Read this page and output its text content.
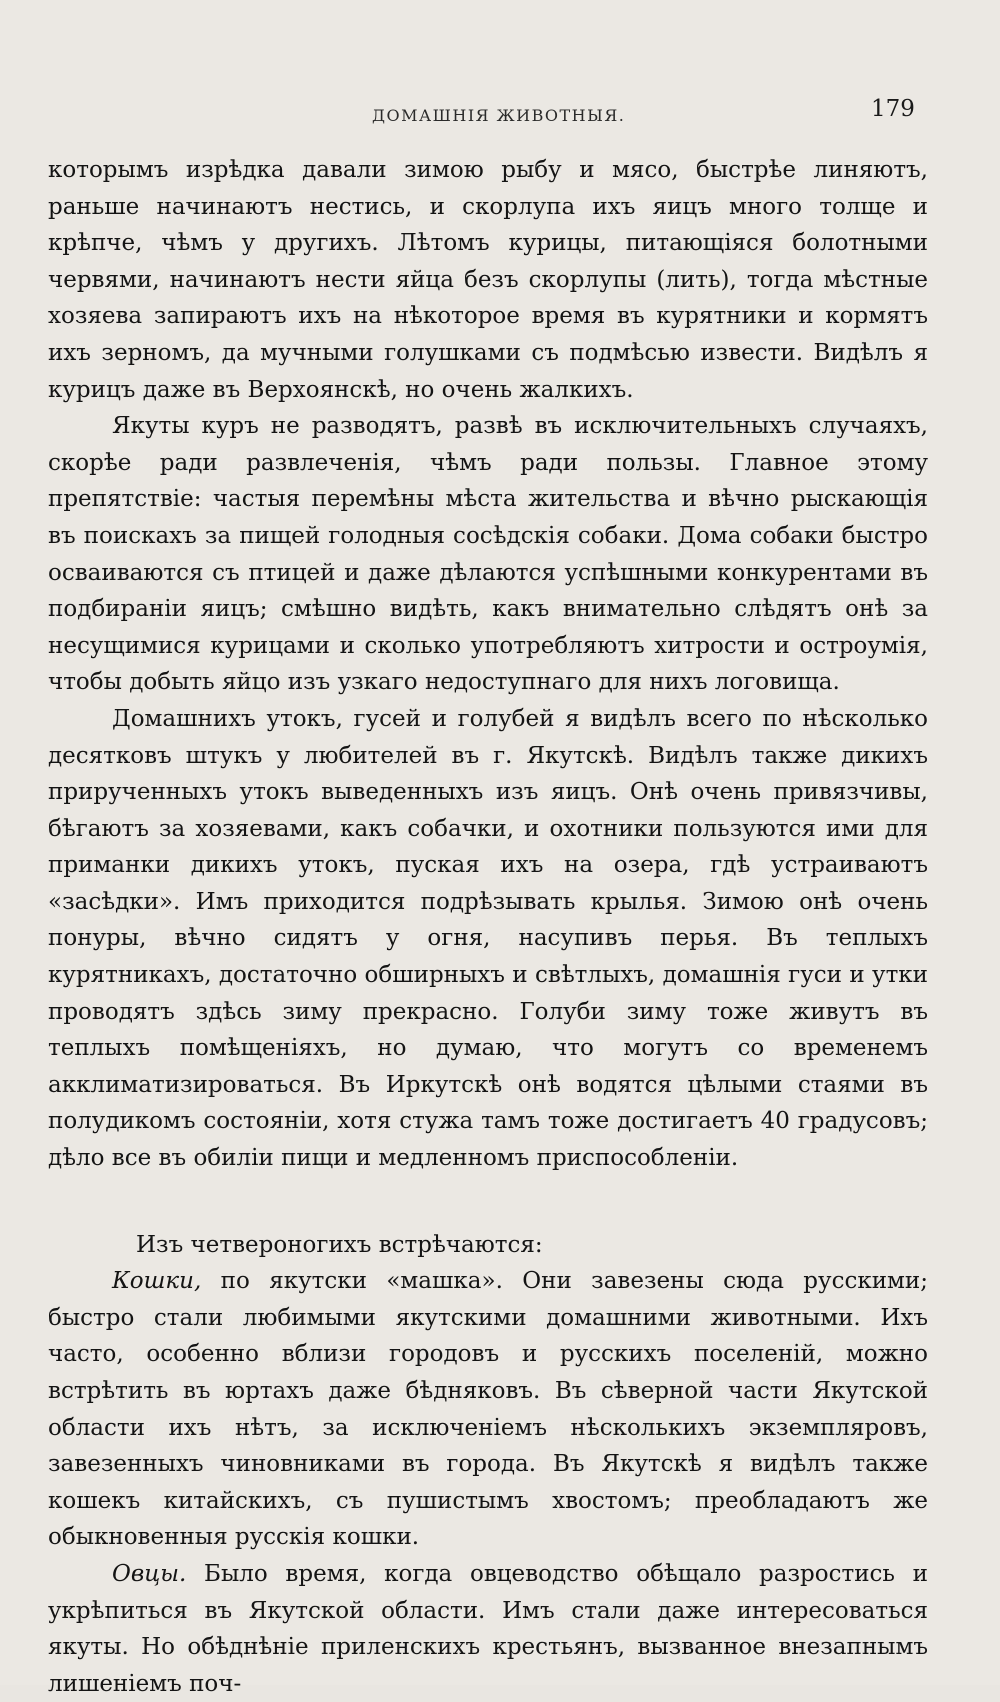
ДОМАШНІЯ ЖИВОТНЫЯ.	179

которымъ изрѣдка давали зимою рыбу и мясо, быстрѣе линяютъ, раньше начинаютъ нестись, и скорлупа ихъ яицъ много толще и крѣпче, чѣмъ у другихъ. Лѣтомъ курицы, питающіяся болотными червями, начинаютъ нести яйца безъ скорлупы (лить), тогда мѣстные хозяева запираютъ ихъ на нѣкоторое время въ курятники и кормятъ ихъ зерномъ, да мучными голушками съ подмѣсью извести. Видѣлъ я курицъ даже въ Верхоянскѣ, но очень жалкихъ.

Якуты куръ не разводятъ, развѣ въ исключительныхъ случаяхъ, скорѣе ради развлеченія, чѣмъ ради пользы. Главное этому препятствіе: частыя перемѣны мѣста жительства и вѣчно рыскающія въ поискахъ за пищей голодныя сосѣдскія собаки. Дома собаки быстро осваиваются съ птицей и даже дѣлаются успѣшными конкурентами въ подбираніи яицъ; смѣшно видѣть, какъ внимательно слѣдятъ онѣ за несущимися курицами и сколько употребляютъ хитрости и остроумія, чтобы добыть яйцо изъ узкаго недоступнаго для нихъ логовища.

Домашнихъ утокъ, гусей и голубей я видѣлъ всего по нѣсколько десятковъ штукъ у любителей въ г. Якутскѣ. Видѣлъ также дикихъ прирученныхъ утокъ выведенныхъ изъ яицъ. Онѣ очень привязчивы, бѣгаютъ за хозяевами, какъ собачки, и охотники пользуются ими для приманки дикихъ утокъ, пуская ихъ на озера, гдѣ устраиваютъ «засѣдки». Имъ приходится подрѣзывать крылья. Зимою онѣ очень понуры, вѣчно сидятъ у огня, насупивъ перья. Въ теплыхъ курятникахъ, достаточно обширныхъ и свѣтлыхъ, домашнія гуси и утки проводятъ здѣсь зиму прекрасно. Голуби зиму тоже живутъ въ теплыхъ помѣщеніяхъ, но думаю, что могутъ со временемъ акклиматизироваться. Въ Иркутскѣ онѣ водятся цѣлыми стаями въ полудикомъ состояніи, хотя стужа тамъ тоже достигаетъ 40 градусовъ; дѣло все въ обиліи пищи и медленномъ приспособленіи.

Изъ четвероногихъ встрѣчаются:

Кошки, по якутски «машка». Они завезены сюда русскими; быстро стали любимыми якутскими домашними животными. Ихъ часто, особенно вблизи городовъ и русскихъ поселеній, можно встрѣтить въ юртахъ даже бѣдняковъ. Въ сѣверной части Якутской области ихъ нѣтъ, за исключеніемъ нѣсколькихъ экземпляровъ, завезенныхъ чиновниками въ города. Въ Якутскѣ я видѣлъ также кошекъ китайскихъ, съ пушистымъ хвостомъ; преобладаютъ же обыкновенныя русскія кошки.

Овцы. Было время, когда овцеводство обѣщало разростись и укрѣпиться въ Якутской области. Имъ стали даже интересоваться якуты. Но обѣднѣніе приленскихъ крестьянъ, вызванное внезапнымъ лишеніемъ поч-
